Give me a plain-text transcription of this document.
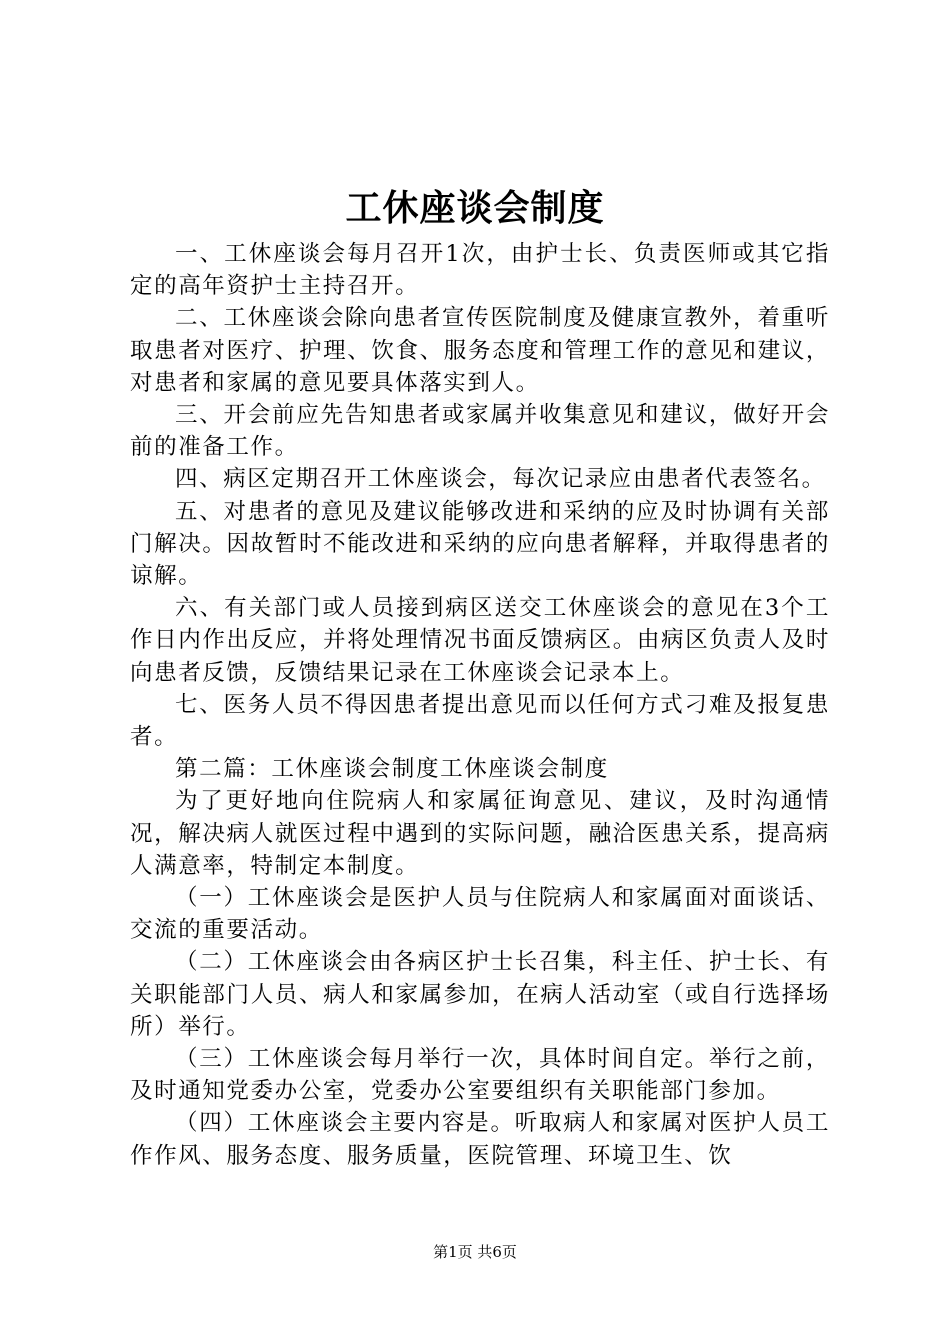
工休座谈会制度

一、工休座谈会每月召开1次，由护士长、负责医师或其它指定的高年资护士主持召开。

二、工休座谈会除向患者宣传医院制度及健康宣教外，着重听取患者对医疗、护理、饮食、服务态度和管理工作的意见和建议，对患者和家属的意见要具体落实到人。

三、开会前应先告知患者或家属并收集意见和建议，做好开会前的准备工作。

四、病区定期召开工休座谈会，每次记录应由患者代表签名。

五、对患者的意见及建议能够改进和采纳的应及时协调有关部门解决。因故暂时不能改进和采纳的应向患者解释，并取得患者的谅解。

六、有关部门或人员接到病区送交工休座谈会的意见在3个工作日内作出反应，并将处理情况书面反馈病区。由病区负责人及时向患者反馈，反馈结果记录在工休座谈会记录本上。

七、医务人员不得因患者提出意见而以任何方式刁难及报复患者。

第二篇：工休座谈会制度工休座谈会制度

为了更好地向住院病人和家属征询意见、建议，及时沟通情况，解决病人就医过程中遇到的实际问题，融洽医患关系，提高病人满意率，特制定本制度。

（一）工休座谈会是医护人员与住院病人和家属面对面谈话、交流的重要活动。

（二）工休座谈会由各病区护士长召集，科主任、护士长、有关职能部门人员、病人和家属参加，在病人活动室（或自行选择场所）举行。

（三）工休座谈会每月举行一次，具体时间自定。举行之前，及时通知党委办公室，党委办公室要组织有关职能部门参加。

（四）工休座谈会主要内容是。听取病人和家属对医护人员工作作风、服务态度、服务质量，医院管理、环境卫生、饮

第1页 共6页
